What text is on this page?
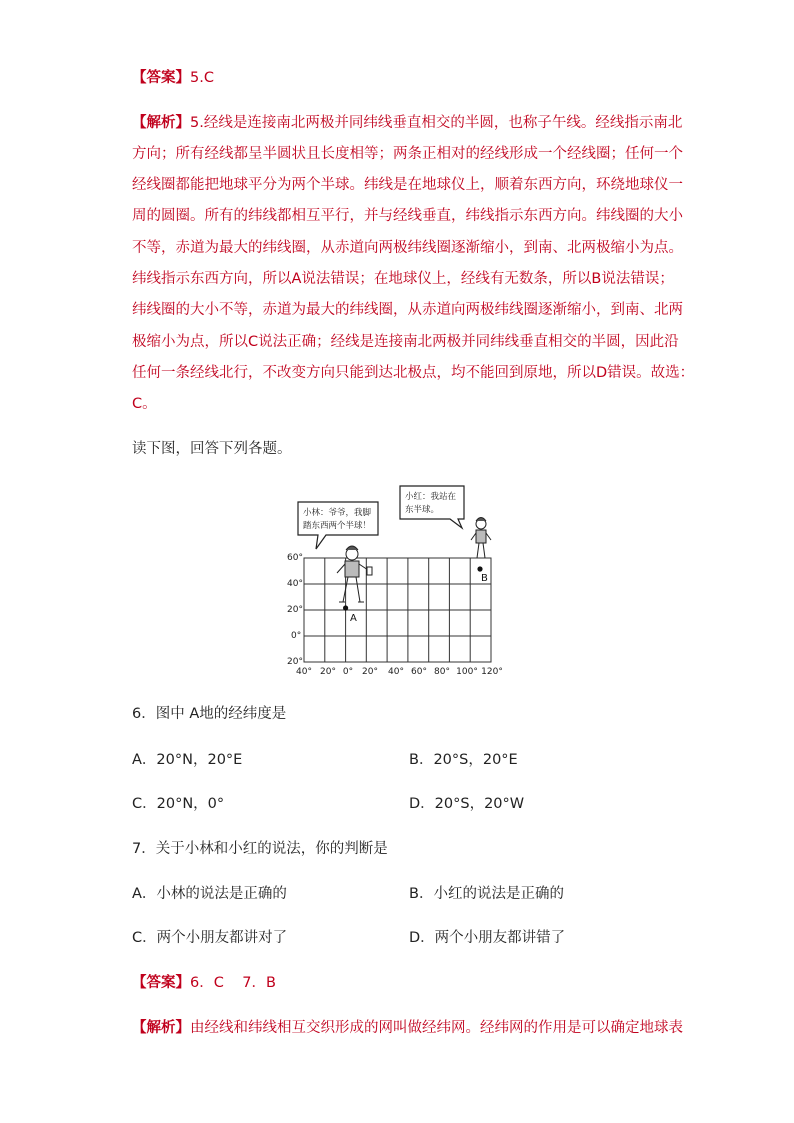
【答案】5.C
【解析】5.经线是连接南北两极并同纬线垂直相交的半圆，也称子午线。经线指示南北
方向；所有经线都呈半圆状且长度相等；两条正相对的经线形成一个经线圈；任何一个
经线圈都能把地球平分为两个半球。纬线是在地球仪上，顺着东西方向，环绕地球仪一
周的圆圈。所有的纬线都相互平行，并与经线垂直，纬线指示东西方向。纬线圈的大小
不等，赤道为最大的纬线圈，从赤道向两极纬线圈逐渐缩小，到南、北两极缩小为点。
纬线指示东西方向，所以A说法错误；在地球仪上，经线有无数条，所以B说法错误；
纬线圈的大小不等，赤道为最大的纬线圈，从赤道向两极纬线圈逐渐缩小，到南、北两
极缩小为点，所以C说法正确；经线是连接南北两极并同纬线垂直相交的半圆，因此沿
任何一条经线北行，不改变方向只能到达北极点，均不能回到原地，所以D错误。故选：
C。
读下图，回答下列各题。
小林：爷爷，我脚
踏东西两个半球！
小红：我站在
东半球。
60°
40°
20°
0°
20°
40° 20° 0° 20° 40° 60° 80° 100° 120°
A
B
6．图中 A地的经纬度是
A．20°N，20°E	B．20°S，20°E
C．20°N，0°	D．20°S，20°W
7．关于小林和小红的说法，你的判断是
A．小林的说法是正确的	B．小红的说法是正确的
C．两个小朋友都讲对了	D．两个小朋友都讲错了
【答案】6．C    7．B
【解析】由经线和纬线相互交织形成的网叫做经纬网。经纬网的作用是可以确定地球表
